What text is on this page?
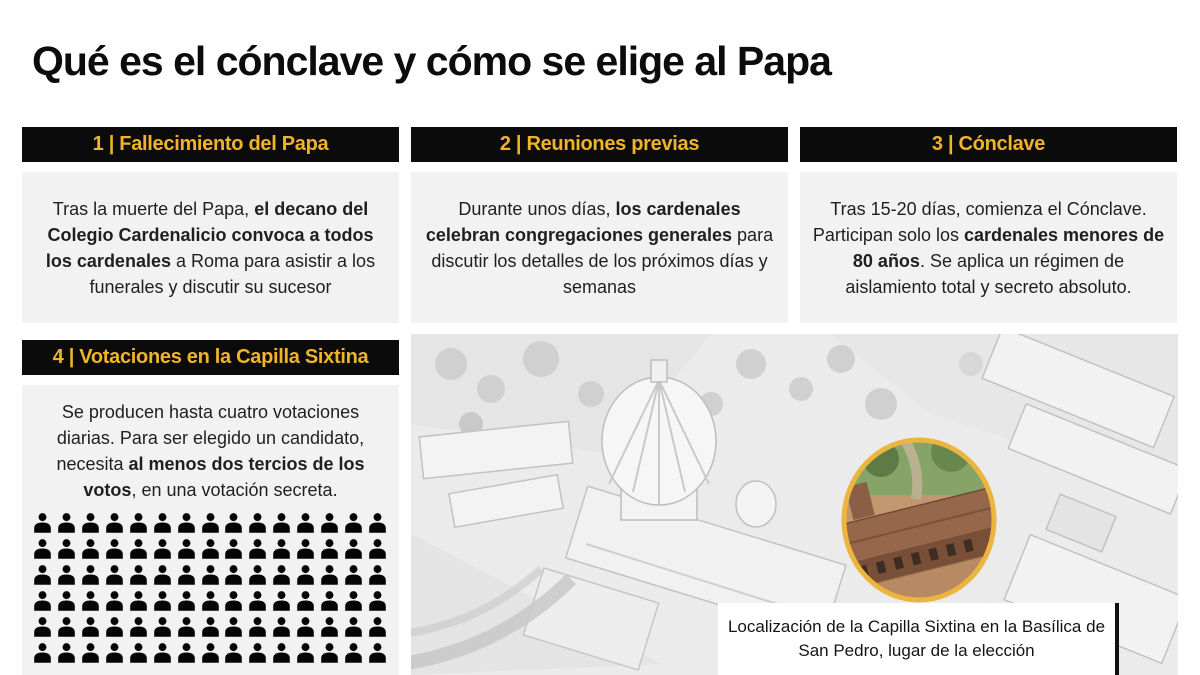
Qué es el cónclave y cómo se elige al Papa
1 | Fallecimiento del Papa
Tras la muerte del Papa, el decano del Colegio Cardenalicio convoca a todos los cardenales a Roma para asistir a los funerales y discutir su sucesor
2 | Reuniones previas
Durante unos días, los cardenales celebran congregaciones generales para discutir los detalles de los próximos días y semanas
3 | Cónclave
Tras 15-20 días, comienza el Cónclave. Participan solo los cardenales menores de 80 años. Se aplica un régimen de aislamiento total y secreto absoluto.
4 | Votaciones en la Capilla Sixtina
Se producen hasta cuatro votaciones diarias. Para ser elegido un candidato, necesita al menos dos tercios de los votos, en una votación secreta.
Localización de la Capilla Sixtina en la Basílica de San Pedro, lugar de la elección
